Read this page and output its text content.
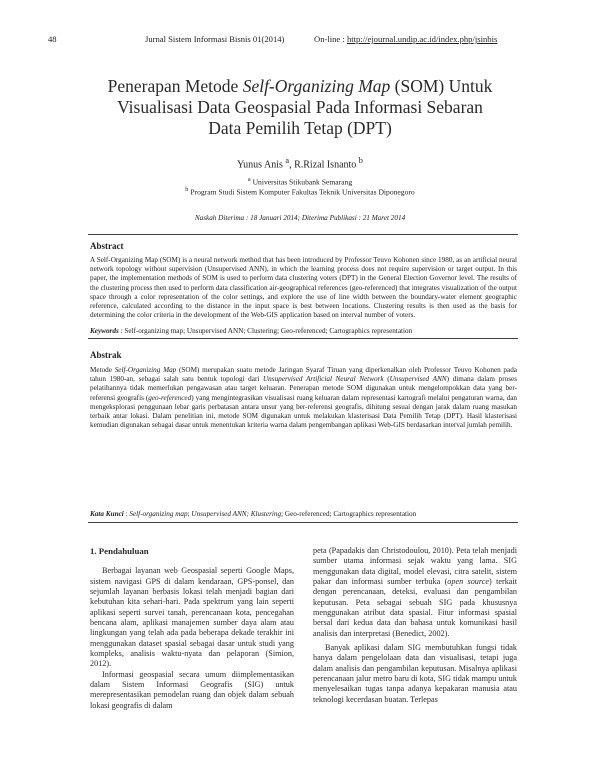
48	Jurnal Sistem Informasi Bisnis 01(2014)	On-line : http://ejournal.undip.ac.id/index.php/jsinbis
Penerapan Metode Self-Organizing Map (SOM) Untuk
Visualisasi Data Geospasial Pada Informasi Sebaran
Data Pemilih Tetap (DPT)
Yunus Anis $^a$, R.Rizal Isnanto $^b$
$^a$ Universitas Stikubank Semarang
$^b$ Program Studi Sistem Komputer Fakultas Teknik Universitas Diponegoro
Naskah Diterima : 18 Januari 2014; Diterima Publikasi : 21 Maret 2014
Abstract

A Self-Organizing Map (SOM) is a neural network method that has been introduced by Professor Teuvo Kohonen since 1980, as an artificial neural network topology without supervision (Unsupervised ANN), in which the learning process does not require supervision or target output. In this paper, the implementation methods of SOM is used to perform data clustering voters (DPT) in the General Election Governor level. The results of the clustering process then used to perform data classification air-geographical references (geo-referenced) that integrates visualization of the output space through a color representation of the color settings, and explore the use of line width between the boundary-water element geographic reference, calculated according to the distance in the input space is best between locations. Clustering results is then used as the basis for determining the color criteria in the development of the Web-GIS application based on interval number of voters.

Keywords : Self-organizing map; Unsupervised ANN; Clustering; Geo-referenced; Cartographics representation
Abstrak

Metode Self-Organizing Map (SOM) merupakan suatu metode Jaringan Syaraf Tiruan yang diperkenalkan oleh Professor Teuvo Kohonen pada tahun 1980-an, sebagai salah satu bentuk topologi dari Unsupervised Artificial Neural Network (Unsupervised ANN) dimana dalam proses pelatihannya tidak memerlukan pengawasan atau target keluaran. Penerapan metode SOM digunakan untuk mengelompokkan data yang ber-referensi geografis (geo-referenced) yang mengintegrasikan visualisasi ruang keluaran dalam representasi kartografi melalui pengaturan warna, dan mengeksplorasi penggunaan lebar garis perbatasan antara unsur yang ber-referensi geografis, dihitung sesuai dengan jarak dalam ruang masukan terbaik antar lokasi. Dalam penelitian ini, metode SOM digunakan untuk melakukan klasterisasi Data Pemilih Tetap (DPT). Hasil klasterisasi kemudian digunakan sebagai dasar untuk menentukan kriteria warna dalam pengembangan aplikasi Web-GIS berdasarkan interval jumlah pemilih.

Kata Kunci : Self-organizing map; Unsupervised ANN; Klustering; Geo-referenced; Cartographics representation
1. Pendahuluan

Berbagai layanan web Geospasial seperti Google Maps, sistem navigasi GPS di dalam kendaraan, GPS-ponsel, dan sejumlah layanan berbasis lokasi telah menjadi bagian dari kebutuhan kita sehari-hari. Pada spektrum yang lain seperti aplikasi seperti survei tanah, perencanaan kota, pencegahan bencana alam, aplikasi manajemen sumber daya alam atau lingkungan yang telah ada pada beberapa dekade terakhir ini menggunakan dataset spasial sebagai dasar untuk studi yang kompleks, analisis waktu-nyata dan pelaporan (Simion, 2012).

Informasi geospasial secara umum diimplementasikan dalam Sistem Informasi Geografis (SIG) untuk merepresentasikan pemodelan ruang dan objek dalam sebuah lokasi geografis di dalam

peta (Papadakis dan Christodoulou, 2010). Peta telah menjadi sumber utama informasi sejak waktu yang lama. SIG menggunakan data digital, model elevasi, citra satelit, sistem pakar dan informasi sumber terbuka (open source) terkait dengan perencanaan, deteksi, evaluasi dan pengambilan keputusan. Peta sebagai sebuah SIG pada khususnya menggunakan atribut data spasial. Fitur informasi spasial bersal dari kedua data dan bahasa untuk komunikasi hasil analisis dan interpretasi (Benedict, 2002).

Banyak aplikasi dalam SIG membutuhkan fungsi tidak hanya dalam pengelolaan data dan visualisasi, tetapi juga dalam analisis dan pengambilan keputusan. Misalnya aplikasi perencanaan jalur metro baru di kota, SIG tidak mampu untuk menyelesaikan tugas tanpa adanya kepakaran manusia atau teknologi kecerdasan buatan. Terlepas
